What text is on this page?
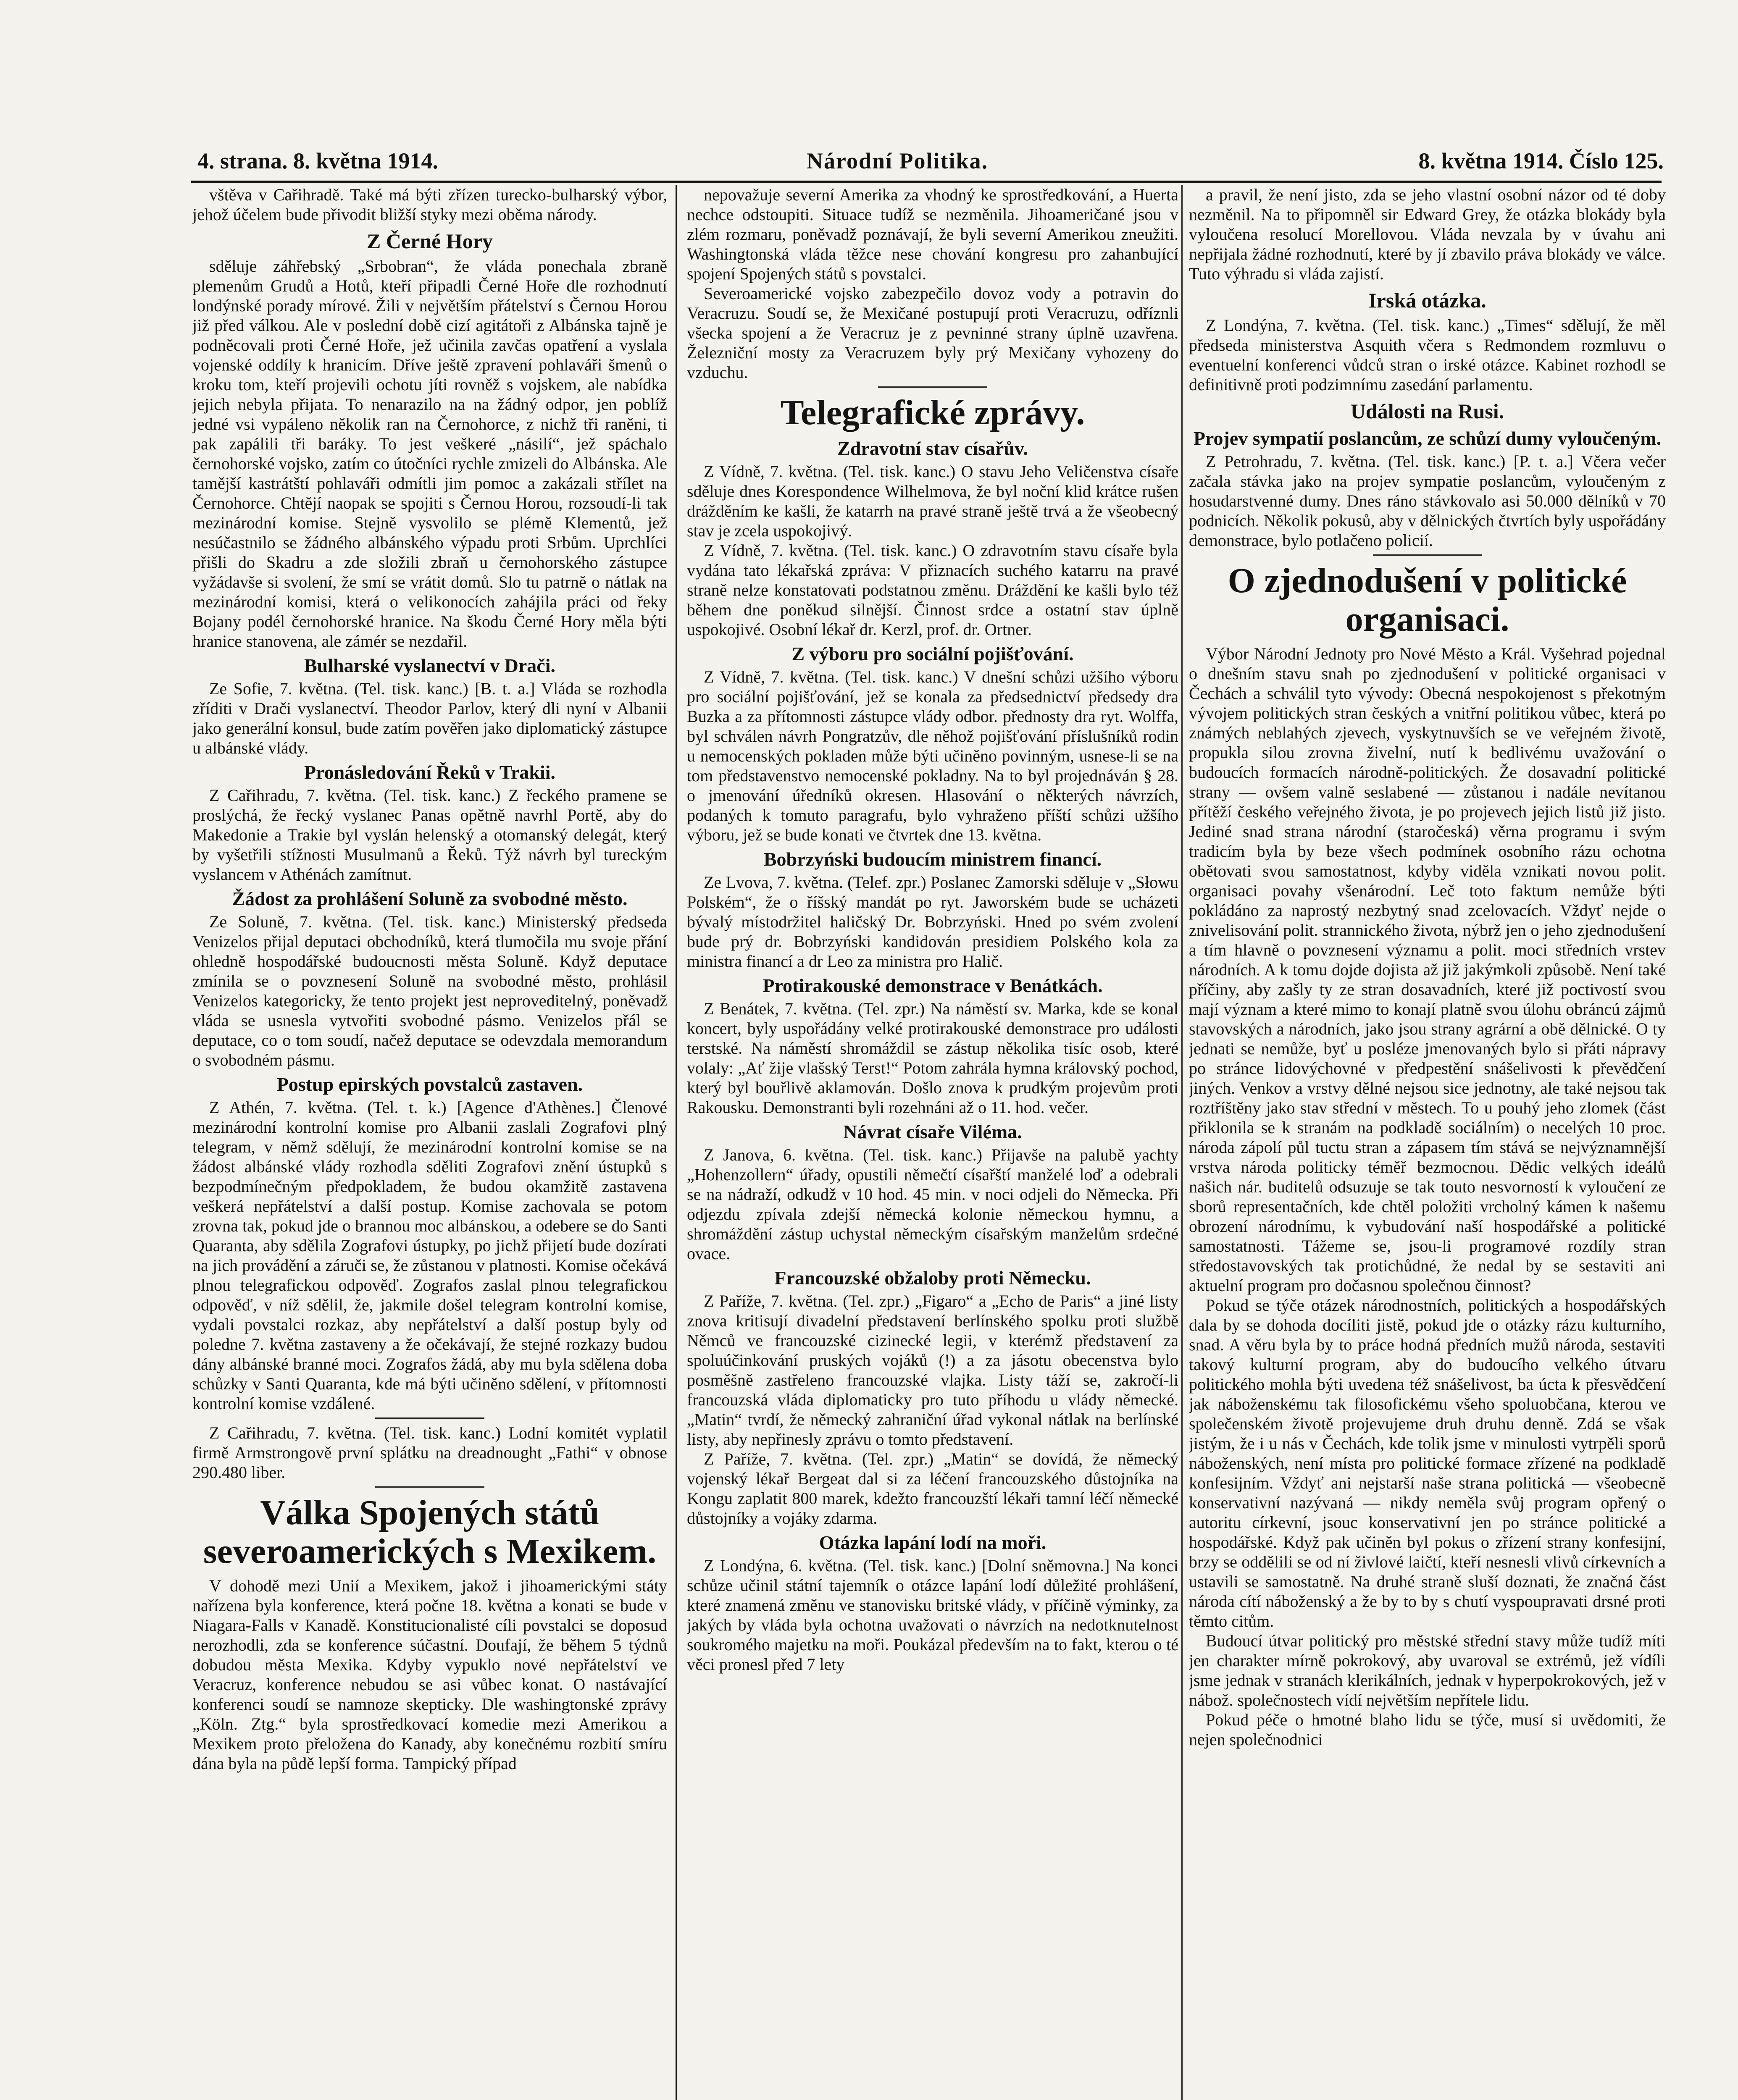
4. strana. 8. května 1914.	Národní Politika.	8. května 1914. Číslo 125.

vštěva v Cařihradě. Také má býti zřízen turecko-bulharský výbor, jehož účelem bude přivodit bližší styky mezi oběma národy.

Z Černé Hory

sděluje záhřebský „Srbobran“, že vláda ponechala zbraně plemenům Grudů a Hotů, kteří připadli Černé Hoře dle rozhodnutí londýnské porady mírové. Žili v největším přátelství s Černou Horou již před válkou. Ale v poslední době cizí agitátoři z Albánska tajně je podněcovali proti Černé Hoře, jež učinila zavčas opatření a vyslala vojenské oddíly k hranicím. Dříve ještě zpravení pohlaváři šmenů o kroku tom, kteří projevili ochotu jíti rovněž s vojskem, ale nabídka jejich nebyla přijata. To nenarazilo na na žádný odpor, jen poblíž jedné vsi vypáleno několik ran na Černohorce, z nichž tři raněni, ti pak zapálili tři baráky. To jest veškeré „násilí“, jež spáchalo černohorské vojsko, zatím co útočníci rychle zmizeli do Albánska. Ale tamější kastrátští pohlaváři odmítli jim pomoc a zakázali střílet na Černohorce. Chtějí naopak se spojiti s Černou Horou, rozsoudí-li tak mezinárodní komise. Stejně vysvolilo se plémě Klementů, jež nesúčastnilo se žádného albánského výpadu proti Srbům. Uprchlíci přišli do Skadru a zde složili zbraň u černohorského zástupce vyžádavše si svolení, že smí se vrátit domů. Slo tu patrně o nátlak na mezinárodní komisi, která o velikonocích zahájila práci od řeky Bojany podél černohorské hranice. Na škodu Černé Hory měla býti hranice stanovena, ale zámér se nezdařil.

Bulharské vyslanectví v Drači.

Ze Sofie, 7. května. (Tel. tisk. kanc.) [B. t. a.] Vláda se rozhodla zříditi v Drači vyslanectví. Theodor Parlov, který dli nyní v Albanii jako generální konsul, bude zatím pověřen jako diplomatický zástupce u albánské vlády.

Pronásledování Řeků v Trakii.

Z Cařihradu, 7. května. (Tel. tisk. kanc.) Z řeckého pramene se proslýchá, že řecký vyslanec Panas opětně navrhl Portě, aby do Makedonie a Trakie byl vyslán helenský a otomanský delegát, který by vyšetřili stížnosti Musulmanů a Řeků. Týž návrh byl tureckým vyslancem v Athénách zamítnut.

Žádost za prohlášení Soluně za svobodné město.

Ze Soluně, 7. května. (Tel. tisk. kanc.) Ministerský předseda Venizelos přijal deputaci obchodníků, která tlumočila mu svoje přání ohledně hospodářské budoucnosti města Soluně. Když deputace zmínila se o povznesení Soluně na svobodné město, prohlásil Venizelos kategoricky, že tento projekt jest neproveditelný, poněvadž vláda se usnesla vytvořiti svobodné pásmo. Venizelos přál se deputace, co o tom soudí, načež deputace se odevzdala memorandum o svobodném pásmu.

Postup epirských povstalců zastaven.

Z Athén, 7. května. (Tel. t. k.) [Agence d'Athènes.] Členové mezinárodní kontrolní komise pro Albanii zaslali Zografovi plný telegram, v němž sdělují, že mezinárodní kontrolní komise se na žádost albánské vlády rozhodla sděliti Zografovi znění ústupků s bezpodmínečným předpokladem, že budou okamžitě zastavena veškerá nepřátelství a další postup. Komise zachovala se potom zrovna tak, pokud jde o brannou moc albánskou, a odebere se do Santi Quaranta, aby sdělila Zografovi ústupky, po jichž přijetí bude dozírati na jich provádění a záruči se, že zůstanou v platnosti. Komise očekává plnou telegrafickou odpověď. Zografos zaslal plnou telegrafickou odpověď, v níž sdělil, že, jakmile došel telegram kontrolní komise, vydali povstalci rozkaz, aby nepřátelství a další postup byly od poledne 7. května zastaveny a že očekávají, že stejné rozkazy budou dány albánské branné moci. Zografos žádá, aby mu byla sdělena doba schůzky v Santi Quaranta, kde má býti učiněno sdělení, v přítomnosti kontrolní komise vzdálené.

Z Cařihradu, 7. května. (Tel. tisk. kanc.) Lodní komitét vyplatil firmě Armstrongově první splátku na dreadnought „Fathi“ v obnose 290.480 liber.

Válka Spojených států severoamerických s Mexikem.

V dohodě mezi Unií a Mexikem, jakož i jihoamerickými státy nařízena byla konference, která počne 18. května a konati se bude v Niagara-Falls v Kanadě. Konstitucionalisté cíli povstalci se doposud nerozhodli, zda se konference súčastní. Doufají, že během 5 týdnů dobudou města Mexika. Kdyby vypuklo nové nepřátelství ve Veracruz, konference nebudou se asi vůbec konat. O nastávající konferenci soudí se namnoze skepticky. Dle washingtonské zprávy „Köln. Ztg.“ byla sprostředkovací komedie mezi Amerikou a Mexikem proto přeložena do Kanady, aby konečnému rozbití smíru dána byla na půdě lepší forma. Tampický případ

nepovažuje severní Amerika za vhodný ke sprostředkování, a Huerta nechce odstoupiti. Situace tudíž se nezměnila. Jihoameričané jsou v zlém rozmaru, poněvadž poznávají, že byli severní Amerikou zneužiti. Washingtonská vláda těžce nese chování kongresu pro zahanbující spojení Spojených států s povstalci.

Severoamerické vojsko zabezpečilo dovoz vody a potravin do Veracruzu. Soudí se, že Mexičané postupují proti Veracruzu, odříznli všecka spojení a že Veracruz je z pevninné strany úplně uzavřena. Železniční mosty za Veracruzem byly prý Mexičany vyhozeny do vzduchu.

Telegrafické zprávy.
Zdravotní stav císařův.

Z Vídně, 7. května. (Tel. tisk. kanc.) O stavu Jeho Veličenstva císaře sděluje dnes Korespondence Wilhelmova, že byl noční klid krátce rušen drážděním ke kašli, že katarrh na pravé straně ještě trvá a že všeobecný stav je zcela uspokojivý.

Z Vídně, 7. května. (Tel. tisk. kanc.) O zdravotním stavu císaře byla vydána tato lékařská zpráva: V přiznacích suchého katarru na pravé straně nelze konstatovati podstatnou změnu. Dráždění ke kašli bylo též během dne poněkud silnější. Činnost srdce a ostatní stav úplně uspokojivé. Osobní lékař dr. Kerzl, prof. dr. Ortner.

Z výboru pro sociální pojišťování.

Z Vídně, 7. května. (Tel. tisk. kanc.) V dnešní schůzi užšího výboru pro sociální pojišťování, jež se konala za předsednictví předsedy dra Buzka a za přítomnosti zástupce vlády odbor. přednosty dra ryt. Wolffa, byl schválen návrh Pongratzův, dle něhož pojišťování příslušníků rodin u nemocenských pokladen může býti učiněno povinným, usnese-li se na tom představenstvo nemocenské pokladny. Na to byl projednáván § 28. o jmenování úředníků okresen. Hlasování o některých návrzích, podaných k tomuto paragrafu, bylo vyhraženo příští schůzi užšího výboru, jež se bude konati ve čtvrtek dne 13. května.

Bobrzyński budoucím ministrem financí.

Ze Lvova, 7. května. (Telef. zpr.) Poslanec Zamorski sděluje v „Słowu Polském“, že o říšský mandát po ryt. Jaworském bude se ucházeti bývalý místodržitel haličský Dr. Bobrzyński. Hned po svém zvolení bude prý dr. Bobrzyński kandidován presidiem Polského kola za ministra financí a dr Leo za ministra pro Halič.

Protirakouské demonstrace v Benátkách.

Z Benátek, 7. května. (Tel. zpr.) Na náměstí sv. Marka, kde se konal koncert, byly uspořádány velké protirakouské demonstrace pro události terstské. Na náměstí shromáždil se zástup několika tisíc osob, které volaly: „Ať žije vlašský Terst!“ Potom zahrála hymna královský pochod, který byl bouřlivě aklamován. Došlo znova k prudkým projevům proti Rakousku. Demonstranti byli rozehnáni až o 11. hod. večer.

Návrat císaře Viléma.

Z Janova, 6. května. (Tel. tisk. kanc.) Přijavše na palubě yachty „Hohenzollern“ úřady, opustili němečtí císařští manželé loď a odebrali se na nádraží, odkudž v 10 hod. 45 min. v noci odjeli do Německa. Při odjezdu zpívala zdejší německá kolonie německou hymnu, a shromáždění zástup uchystal německým císařským manželům srdečné ovace.

Francouzské obžaloby proti Německu.

Z Paříže, 7. května. (Tel. zpr.) „Figaro“ a „Echo de Paris“ a jiné listy znova kritisují divadelní představení berlínského spolku proti službě Němců ve francouzské cizinecké legii, v kterémž představení za spoluúčinkování pruských vojáků (!) a za jásotu obecenstva bylo posměšně zastřeleno francouzské vlajka. Listy táží se, zakročí-li francouzská vláda diplomaticky pro tuto příhodu u vlády německé. „Matin“ tvrdí, že německý zahraniční úřad vykonal nátlak na berlínské listy, aby nepřinesly zprávu o tomto představení.

Z Paříže, 7. května. (Tel. zpr.) „Matin“ se dovídá, že německý vojenský lékař Bergeat dal si za léčení francouzského důstojníka na Kongu zaplatit 800 marek, kdežto francouzští lékaři tamní léčí německé důstojníky a vojáky zdarma.

Otázka lapání lodí na moři.

Z Londýna, 6. května. (Tel. tisk. kanc.) [Dolní sněmovna.] Na konci schůze učinil státní tajemník o otázce lapání lodí důležité prohlášení, které znamená změnu ve stanovisku britské vlády, v příčině výminky, za jakých by vláda byla ochotna uvažovati o návrzích na nedotknutelnost soukromého majetku na moři. Poukázal především na to fakt, kterou o té věci pronesl před 7 lety

a pravil, že není jisto, zda se jeho vlastní osobní názor od té doby nezměnil. Na to připomněl sir Edward Grey, že otázka blokády byla vyloučena resolucí Morellovou. Vláda nevzala by v úvahu ani nepřijala žádné rozhodnutí, které by jí zbavilo práva blokády ve válce. Tuto výhradu si vláda zajistí.

Irská otázka.

Z Londýna, 7. května. (Tel. tisk. kanc.) „Times“ sdělují, že měl předseda ministerstva Asquith včera s Redmondem rozmluvu o eventuelní konferenci vůdců stran o irské otázce. Kabinet rozhodl se definitivně proti podzimnímu zasedání parlamentu.

Události na Rusi.
Projev sympatií poslancům, ze schůzí dumy vyloučeným.

Z Petrohradu, 7. května. (Tel. tisk. kanc.) [P. t. a.] Včera večer začala stávka jako na projev sympatie poslancům, vyloučeným z hosudarstvenné dumy. Dnes ráno stávkovalo asi 50.000 dělníků v 70 podnicích. Několik pokusů, aby v dělnických čtvrtích byly uspořádány demonstrace, bylo potlačeno policií.

O zjednodušení v politické organisaci.

Výbor Národní Jednoty pro Nové Město a Král. Vyšehrad pojednal o dnešním stavu snah po zjednodušení v politické organisaci v Čechách a schválil tyto vývody: Obecná nespokojenost s překotným vývojem politických stran českých a vnitřní politikou vůbec, která po známých neblahých zjevech, vyskytnuvších se ve veřejném životě, propukla silou zrovna živelní, nutí k bedlivému uvažování o budoucích formacích národně-politických. Že dosavadní politické strany — ovšem valně seslabené — zůstanou i nadále nevítanou přítěží českého veřejného života, je po projevech jejich listů již jisto. Jediné snad strana národní (staročeská) věrna programu i svým tradicím byla by beze všech podmínek osobního rázu ochotna obětovati svou samostatnost, kdyby viděla vznikati novou polit. organisaci povahy všenárodní. Leč toto faktum nemůže býti pokládáno za naprostý nezbytný snad zcelovacích. Vždyť nejde o znivelisování polit. strannického života, nýbrž jen o jeho zjednodušení a tím hlavně o povznesení významu a polit. moci středních vrstev národních. A k tomu dojde dojista až již jakýmkoli způsobě. Není také příčiny, aby zašly ty ze stran dosavadních, které již poctivostí svou mají význam a které mimo to konají platně svou úlohu obráncú zájmů stavovských a národních, jako jsou strany agrární a obě dělnické. O ty jednati se nemůže, byť u posléze jmenovaných bylo si přáti nápravy po stránce lidovýchovné v předpestění snášelivosti k převědčení jiných. Venkov a vrstvy dělné nejsou sice jednotny, ale také nejsou tak roztříštěny jako stav střední v městech. To u pouhý jeho zlomek (část přiklonila se k stranám na podkladě sociálním) o necelých 10 proc. národa zápolí půl tuctu stran a zápasem tím stává se nejvýznamnější vrstva národa politicky téměř bezmocnou. Dědic velkých ideálů našich nár. buditelů odsuzuje se tak touto nesvorností k vyloučení ze sborů representačních, kde chtěl položiti vrcholný kámen k našemu obrození národnímu, k vybudování naší hospodářské a politické samostatnosti. Tážeme se, jsou-li programové rozdíly stran středostavovských tak protichůdné, že nedal by se sestaviti ani aktuelní program pro dočasnou společnou činnost?

Pokud se týče otázek národnostních, politických a hospodářských dala by se dohoda docíliti jistě, pokud jde o otázky rázu kulturního, snad. A věru byla by to práce hodná předních mužů národa, sestaviti takový kulturní program, aby do budoucího velkého útvaru politického mohla býti uvedena též snášelivost, ba úcta k přesvědčení jak náboženskému tak filosofickému všeho spoluobčana, kterou ve společenském životě projevujeme druh druhu denně. Zdá se však jistým, že i u nás v Čechách, kde tolik jsme v minulosti vytrpěli sporů náboženských, není místa pro politické formace zřízené na podkladě konfesijním. Vždyť ani nejstarší naše strana politická — všeobecně konservativní nazývaná — nikdy neměla svůj program opřený o autoritu církevní, jsouc konservativní jen po stránce politické a hospodářské. Když pak učiněn byl pokus o zřízení strany konfesijní, brzy se oddělili se od ní živlové laičtí, kteří nesnesli vlivů církevních a ustavili se samostatně. Na druhé straně sluší doznati, že značná část národa cítí náboženský a že by to by s chutí vyspoupravati drsné proti těmto citům.

Budoucí útvar politický pro městské střední stavy může tudíž míti jen charakter mírně pokrokový, aby uvaroval se extrémů, jež vídíli jsme jednak v stranách klerikálních, jednak v hyperpokrokových, jež v nábož. společnostech vídí největším nepřítele lidu.

Pokud péče o hmotné blaho lidu se týče, musí si uvědomiti, že nejen společnodnici
